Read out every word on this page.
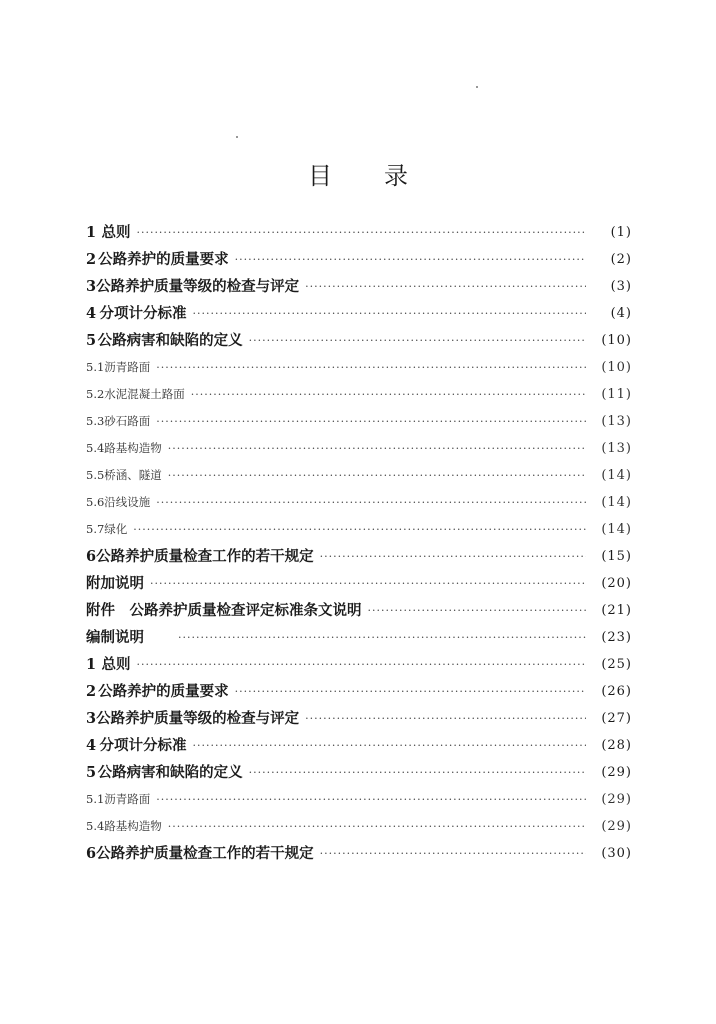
目录
1 总则 ·····	(1)
2 公路养护的质量要求 ·····	(2)
3 公路养护质量等级的检查与评定 ·····	(3)
4 分项计分标准 ·····	(4)
5 公路病害和缺陷的定义 ·····	(10)
5.1 沥青路面 ·····	(10)
5.2 水泥混凝土路面 ·····	(11)
5.3 砂石路面 ·····	(13)
5.4 路基构造物 ·····	(13)
5.5 桥涵、隧道 ·····	(14)
5.6 沿线设施 ·····	(14)
5.7 绿化 ·····	(14)
6 公路养护质量检查工作的若干规定 ·····	(15)
附加说明 ·····	(20)
附件　公路养护质量检查评定标准条文说明 ·····	(21)
编制说明 ·····	(23)
1 总则 ·····	(25)
2 公路养护的质量要求 ·····	(26)
3 公路养护质量等级的检查与评定 ·····	(27)
4 分项计分标准 ·····	(28)
5 公路病害和缺陷的定义 ·····	(29)
5.1 沥青路面 ·····	(29)
5.4 路基构造物 ·····	(29)
6 公路养护质量检查工作的若干规定 ·····	(30)
